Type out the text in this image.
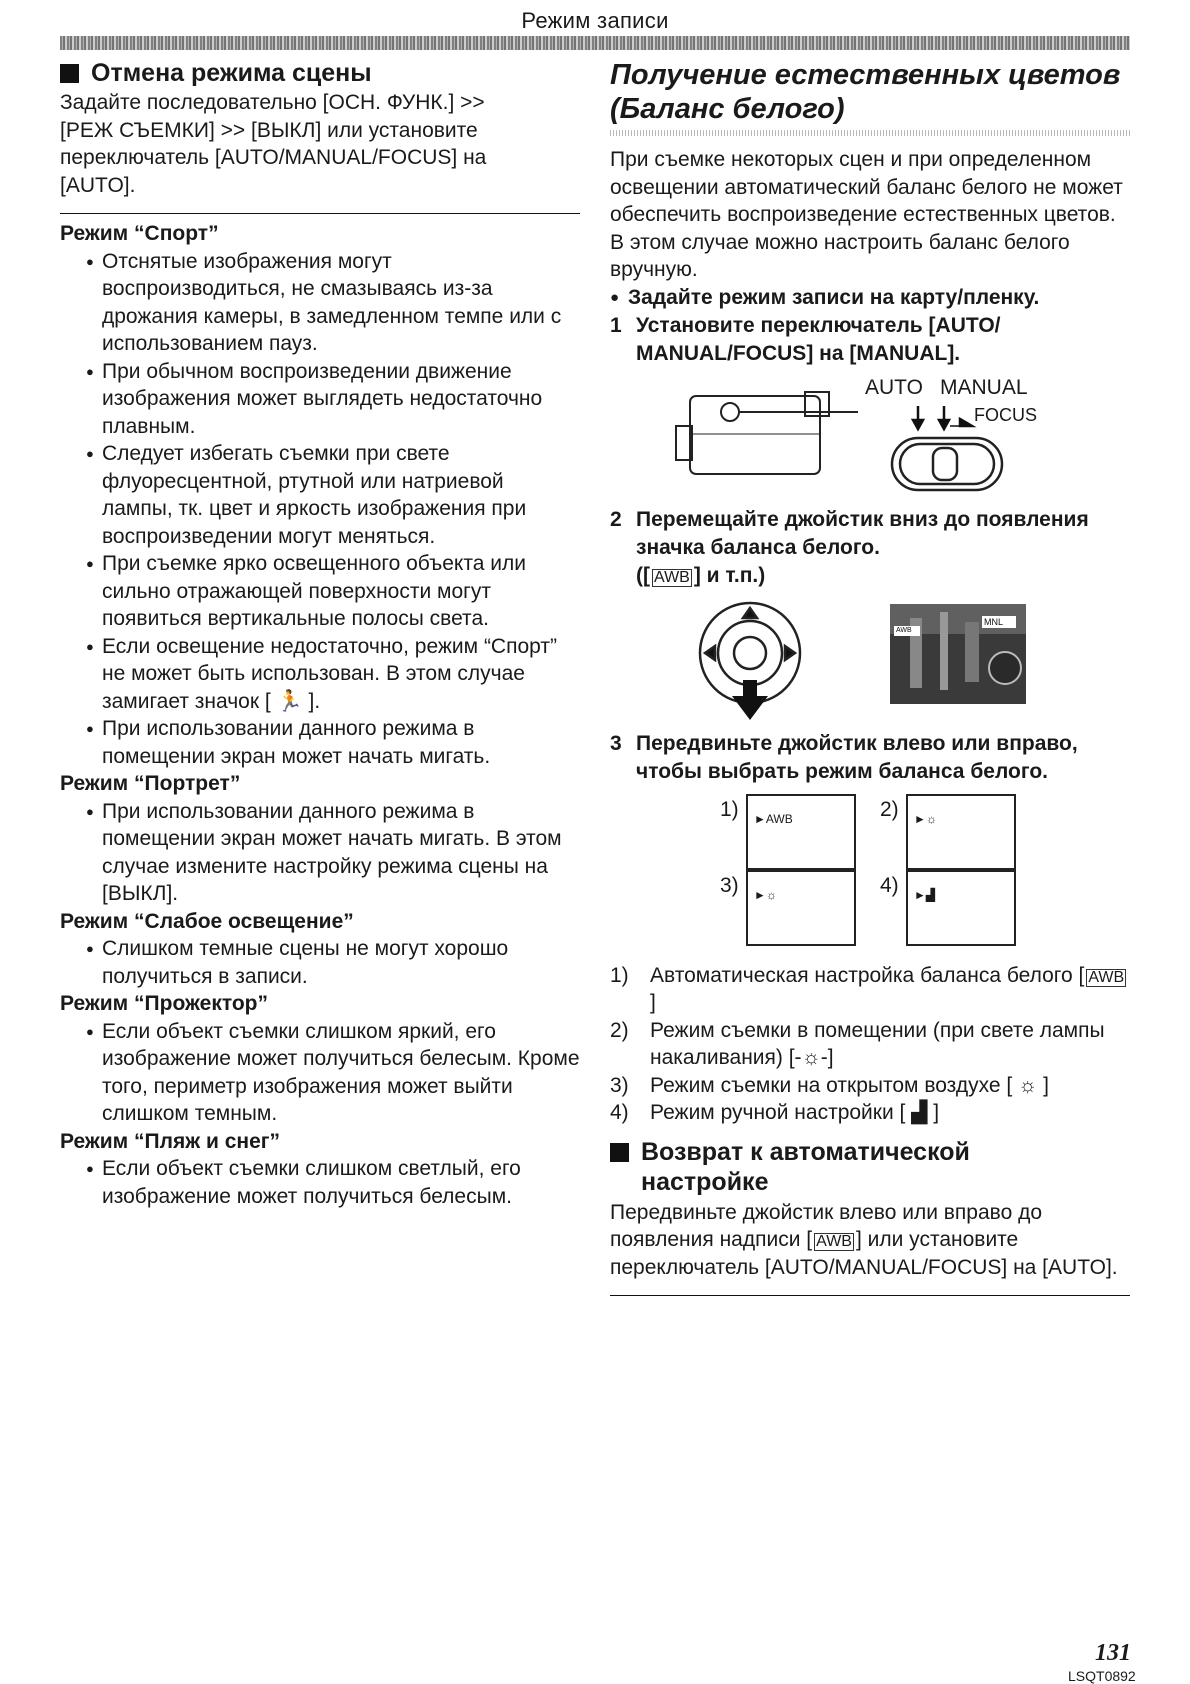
Режим записи
Отмена режима сцены
Задайте последовательно [ОСН. ФУНК.] >> [РЕЖ СЪЕМКИ] >> [ВЫКЛ] или установите переключатель [AUTO/MANUAL/FOCUS] на [AUTO].
Режим “Спорт”
● Отснятые изображения могут воспроизводиться, не смазываясь из-за дрожания камеры, в замедленном темпе или с использованием пауз.
● При обычном воспроизведении движение изображения может выглядеть недостаточно плавным.
● Следует избегать съемки при свете флуоресцентной, ртутной или натриевой лампы, тк. цвет и яркость изображения при воспроизведении могут меняться.
● При съемке ярко освещенного объекта или сильно отражающей поверхности могут появиться вертикальные полосы света.
● Если освещение недостаточно, режим “Спорт” не может быть использован. В этом случае замигает значок [ 🏃 ].
● При использовании данного режима в помещении экран может начать мигать.
Режим “Портрет”
● При использовании данного режима в помещении экран может начать мигать. В этом случае измените настройку режима сцены на [ВЫКЛ].
Режим “Слабое освещение”
● Слишком темные сцены не могут хорошо получиться в записи.
Режим “Прожектор”
● Если объект съемки слишком яркий, его изображение может получиться белесым. Кроме того, периметр изображения может выйти слишком темным.
Режим “Пляж и снег”
● Если объект съемки слишком светлый, его изображение может получиться белесым.
Получение естественных цветов
(Баланс белого)
При съемке некоторых сцен и при определенном освещении автоматический баланс белого не может обеспечить воспроизведение естественных цветов. В этом случае можно настроить баланс белого вручную.
● Задайте режим записи на карту/пленку.
1 Установите переключатель [AUTO/ MANUAL/FOCUS] на [MANUAL].
AUTO MANUAL
FOCUS
2 Перемещайте джойстик вниз до появления значка баланса белого.
([ AWB ] и т.п.)
MNL
AWB
3 Передвиньте джойстик влево или вправо, чтобы выбрать режим баланса белого.
1) ►AWB	2) ►☼
3) ►☼	4) ►▟
1)	Автоматическая настройка баланса белого [ AWB]
2)	Режим съемки в помещении (при свете лампы накаливания) [-☼-]
3)	Режим съемки на открытом воздухе [ ☼ ]
4)	Режим ручной настройки [ ▟ ]
Возврат к автоматической
настройке
Передвиньте джойстик влево или вправо до появления надписи [ AWB ] или установите переключатель [AUTO/MANUAL/FOCUS] на [AUTO].
131
LSQT0892
